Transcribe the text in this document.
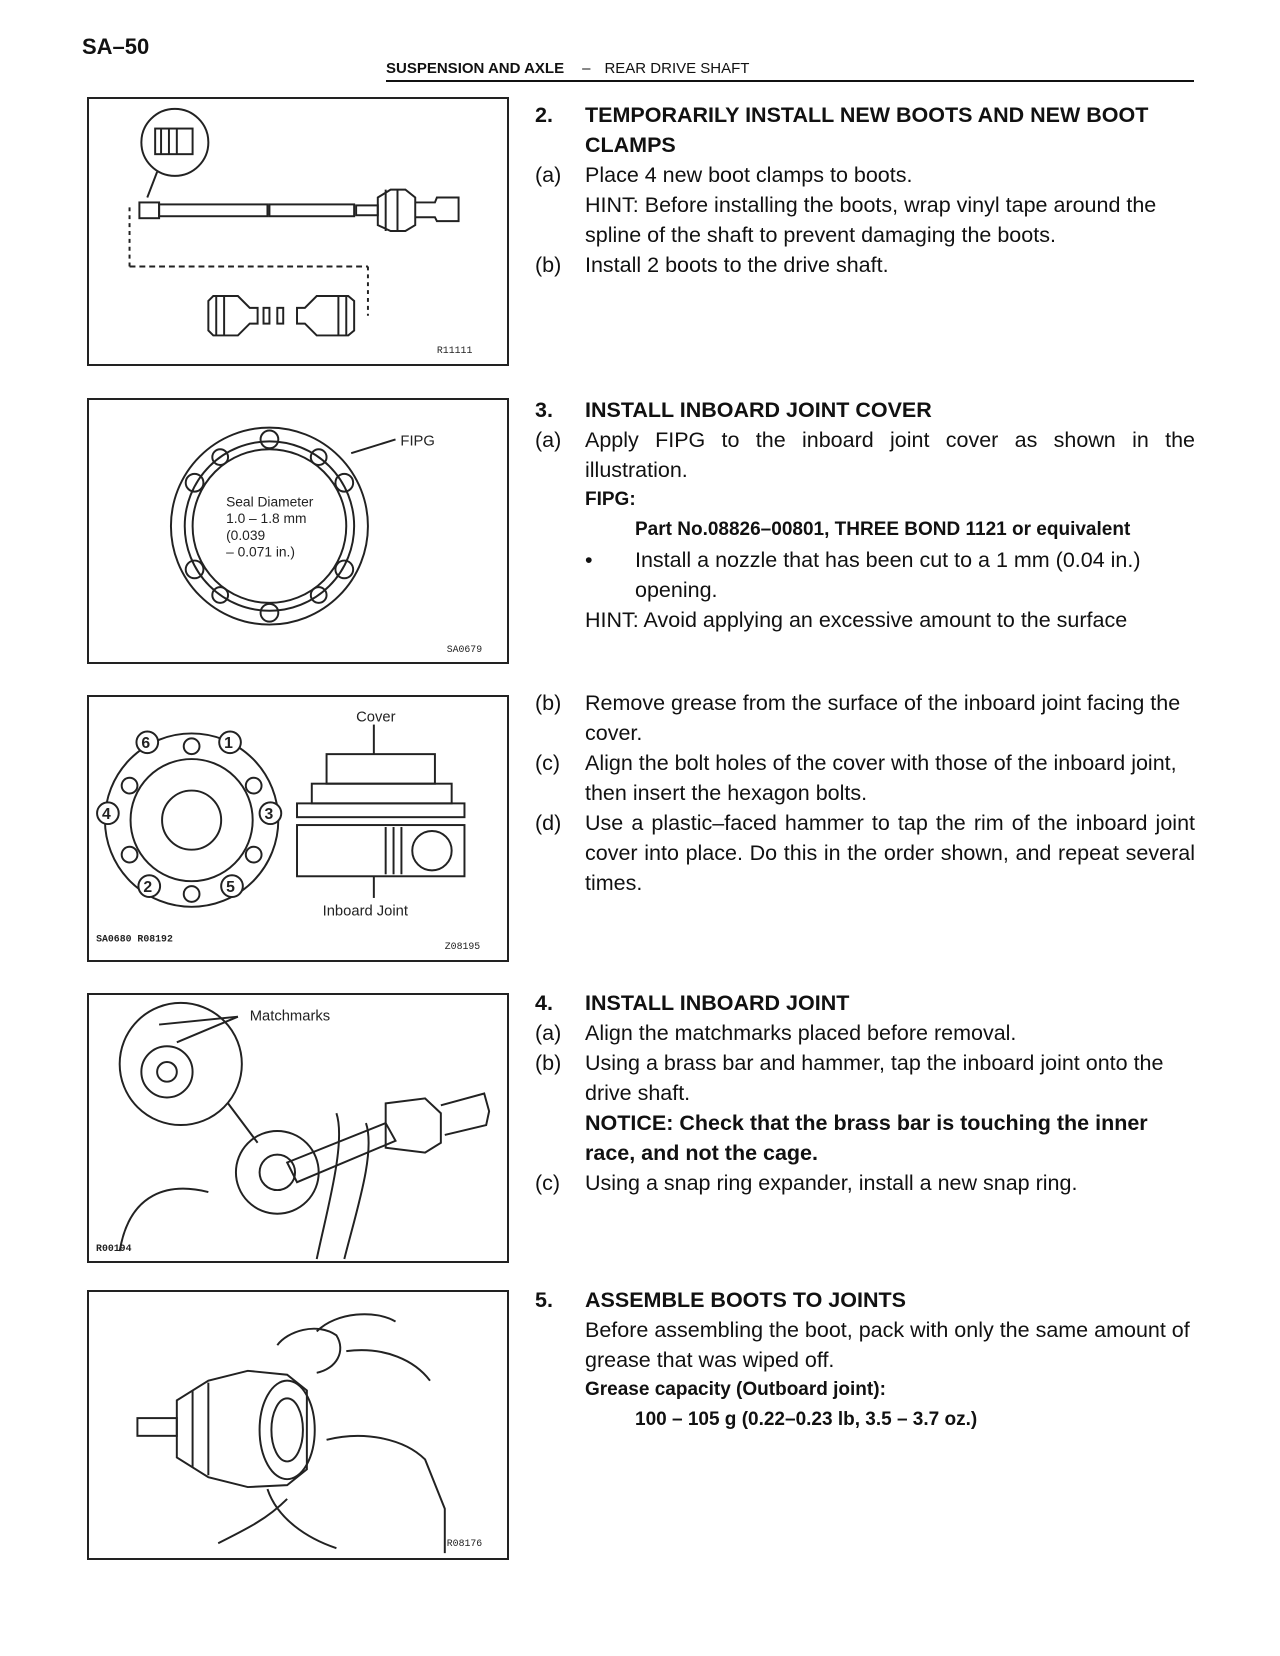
SA–50
SUSPENSION AND AXLE – REAR DRIVE SHAFT
R11111
FIPG
Seal Diameter
1.0 – 1.8 mm
(0.039
– 0.071 in.)
SA0679
6	1
3
4
2	5
Cover
Inboard Joint
SA0680 R08192
Z08195
Matchmarks
R00194
R08176
2.	TEMPORARILY INSTALL NEW BOOTS AND NEW BOOT CLAMPS
(a)	Place 4 new boot clamps to boots.
HINT: Before installing the boots, wrap vinyl tape around the spline of the shaft to prevent damaging the boots.
(b)	Install 2 boots to the drive shaft.
3.	INSTALL INBOARD JOINT COVER
(a)	Apply FIPG to the inboard joint cover as shown in the illustration.
FIPG:
Part No.08826–00801, THREE BOND 1121 or equivalent
•	Install a nozzle that has been cut to a 1 mm (0.04 in.) opening.
HINT: Avoid applying an excessive amount to the surface
(b)	Remove grease from the surface of the inboard joint facing the cover.
(c)	Align the bolt holes of the cover with those of the inboard joint, then insert the hexagon bolts.
(d)	Use a plastic–faced hammer to tap the rim of the inboard joint cover into place. Do this in the order shown, and repeat several times.
4.	INSTALL INBOARD JOINT
(a)	Align the matchmarks placed before removal.
(b)	Using a brass bar and hammer, tap the inboard joint onto the drive shaft.
NOTICE: Check that the brass bar is touching the inner race, and not the cage.
(c)	Using a snap ring expander, install a new snap ring.
5.	ASSEMBLE BOOTS TO JOINTS
Before assembling the boot, pack with only the same amount of grease that was wiped off.
Grease capacity (Outboard joint):
100 – 105 g (0.22–0.23 lb, 3.5 – 3.7 oz.)
